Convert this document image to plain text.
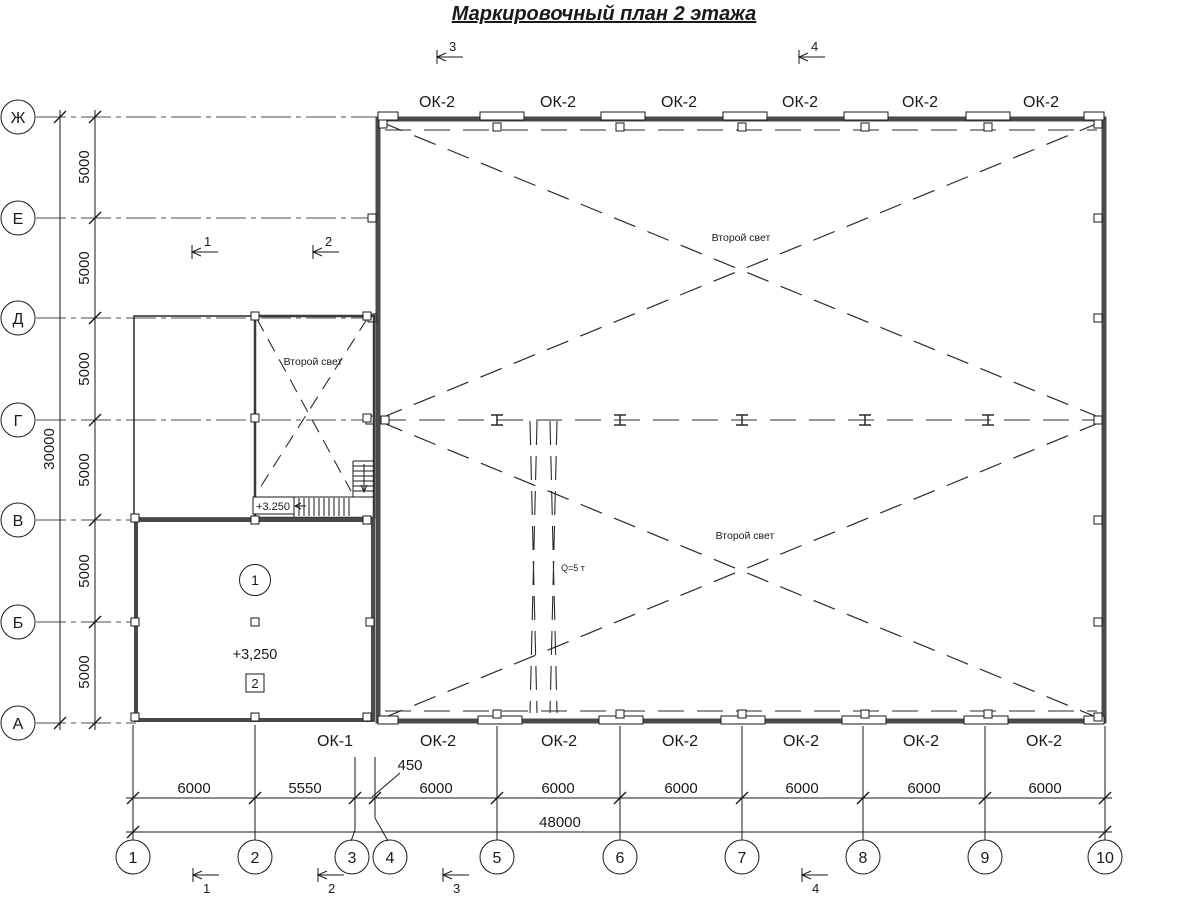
Маркировочный план 2 этажа
Ж
Е
Д
Г
В
Б
А
5000
5000
5000
5000
5000
5000
30000
Q=5 т
Второй свет
Второй свет
Второй свет
+3.250
1
+3,250
2
ОК-2	ОК-2	ОК-2	ОК-2	ОК-2	ОК-2
ОК-1	ОК-2	ОК-2	ОК-2	ОК-2	ОК-2	ОК-2
6000	5550
450
6000	6000	6000	6000	6000	6000
48000
1	2	3 4	5	6	7	8	9	10
3	4
1	2
1	2	3	4
